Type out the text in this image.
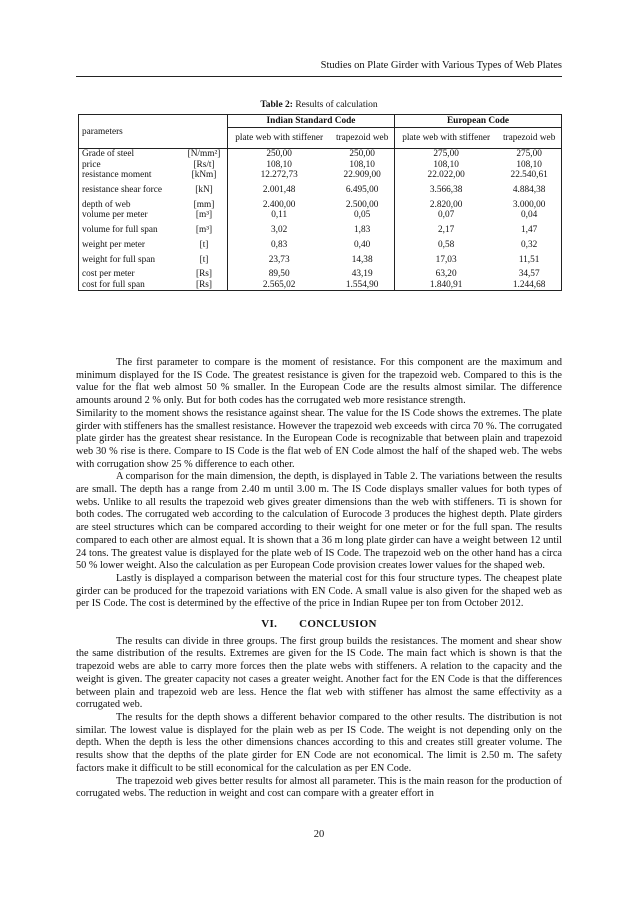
Studies on Plate Girder with Various Types of Web Plates
Table 2: Results of calculation
parameters		Indian Standard Code		European Code	
		plate web with stiffener	trapezoid web	plate web with stiffener	trapezoid web
Grade of steel	[N/mm²]	250,00	250,00	275,00	275,00
price	[Rs/t]	108,10	108,10	108,10	108,10
resistance moment	[kNm]	12.272,73	22.909,00	22.022,00	22.540,61
resistance shear force	[kN]	2.001,48	6.495,00	3.566,38	4.884,38
depth of web	[mm]	2.400,00	2.500,00	2.820,00	3.000,00
volume per meter	[m³]	0,11	0,05	0,07	0,04
volume for full span	[m³]	3,02	1,83	2,17	1,47
weight per meter	[t]	0,83	0,40	0,58	0,32
weight for full span	[t]	23,73	14,38	17,03	11,51
cost per meter	[Rs]	89,50	43,19	63,20	34,57
cost for full span	[Rs]	2.565,02	1.554,90	1.840,91	1.244,68

The first parameter to compare is the moment of resistance. For this component are the maximum and minimum displayed for the IS Code. The greatest resistance is given for the trapezoid web. Compared to this is the value for the flat web almost 50 % smaller. In the European Code are the results almost similar. The difference amounts around 2 % only. But for both codes has the corrugated web more resistance strength.

Similarity to the moment shows the resistance against shear. The value for the IS Code shows the extremes. The plate girder with stiffeners has the smallest resistance. However the trapezoid web exceeds with circa 70 %. The corrugated plate girder has the greatest shear resistance. In the European Code is recognizable that between plain and trapezoid web 30 % rise is there. Compare to IS Code is the flat web of EN Code almost the half of the shaped web. The webs with corrugation show 25 % difference to each other.

A comparison for the main dimension, the depth, is displayed in Table 2. The variations between the results are small. The depth has a range from 2.40 m until 3.00 m. The IS Code displays smaller values for both types of webs. Unlike to all results the trapezoid web gives greater dimensions than the web with stiffeners. Ti is shown for both codes. The corrugated web according to the calculation of Eurocode 3 produces the highest depth. Plate girders are steel structures which can be compared according to their weight for one meter or for the full span. The results compared to each other are almost equal. It is shown that a 36 m long plate girder can have a weight between 12 until 24 tons. The greatest value is displayed for the plate web of IS Code. The trapezoid web on the other hand has a circa 50 % lower weight. Also the calculation as per European Code provision creates lower values for the shaped web.

Lastly is displayed a comparison between the material cost for this four structure types. The cheapest plate girder can be produced for the trapezoid variations with EN Code. A small value is also given for the shaped web as per IS Code. The cost is determined by the effective of the price in Indian Rupee per ton from October 2012.

VI. CONCLUSION

The results can divide in three groups. The first group builds the resistances. The moment and shear show the same distribution of the results. Extremes are given for the IS Code. The main fact which is shown is that the trapezoid webs are able to carry more forces then the plate webs with stiffeners. A relation to the capacity and the weight is given. The greater capacity not cases a greater weight. Another fact for the EN Code is that the differences between plain and trapezoid web are less. Hence the flat web with stiffener has almost the same effectivity as a corrugated web.

The results for the depth shows a different behavior compared to the other results. The distribution is not similar. The lowest value is displayed for the plain web as per IS Code. The weight is not depending only on the depth. When the depth is less the other dimensions chances according to this and creates still greater volume. The results show that the depths of the plate girder for EN Code are not economical. The limit is 2.50 m. The safety factors make it difficult to be still economical for the calculation as per EN Code.

The trapezoid web gives better results for almost all parameter. This is the main reason for the production of corrugated webs. The reduction in weight and cost can compare with a greater effort in

20
